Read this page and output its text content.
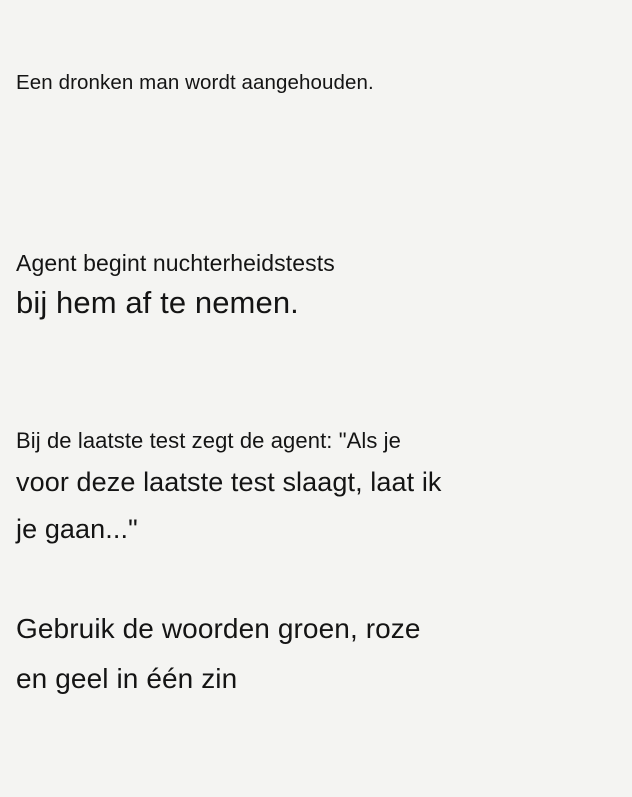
Een dronken man wordt aangehouden.
Agent begint nuchterheidstests
bij hem af te nemen.
Bij de laatste test zegt de agent: "Als je
voor deze laatste test slaagt, laat ik
je gaan..."
Gebruik de woorden groen, roze
en geel in één zin
